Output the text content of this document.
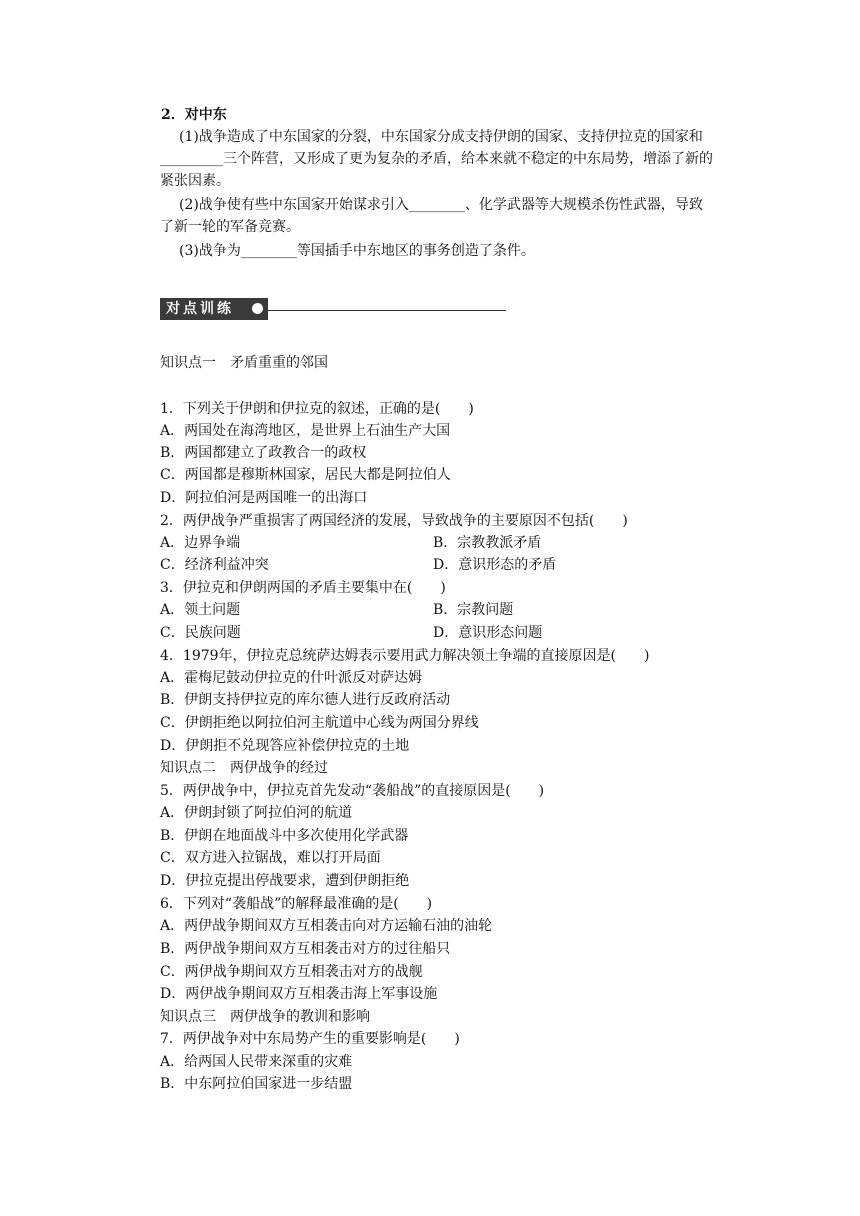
2．对中东
(1)战争造成了中东国家的分裂，中东国家分成支持伊朗的国家、支持伊拉克的国家和
_________三个阵营，又形成了更为复杂的矛盾，给本来就不稳定的中东局势，增添了新的
紧张因素。
(2)战争使有些中东国家开始谋求引入________、化学武器等大规模杀伤性武器，导致
了新一轮的军备竞赛。
(3)战争为________等国插手中东地区的事务创造了条件。
对点训练
知识点一　矛盾重重的邻国
1．下列关于伊朗和伊拉克的叙述，正确的是(　　)
A．两国处在海湾地区，是世界上石油生产大国
B．两国都建立了政教合一的政权
C．两国都是穆斯林国家，居民大都是阿拉伯人
D．阿拉伯河是两国唯一的出海口
2．两伊战争严重损害了两国经济的发展，导致战争的主要原因不包括(　　)
A．边界争端	B．宗教教派矛盾
C．经济利益冲突	D．意识形态的矛盾
3．伊拉克和伊朗两国的矛盾主要集中在(　　)
A．领土问题	B．宗教问题
C．民族问题	D．意识形态问题
4．1979年，伊拉克总统萨达姆表示要用武力解决领土争端的直接原因是(　　)
A．霍梅尼鼓动伊拉克的什叶派反对萨达姆
B．伊朗支持伊拉克的库尔德人进行反政府活动
C．伊朗拒绝以阿拉伯河主航道中心线为两国分界线
D．伊朗拒不兑现答应补偿伊拉克的土地
知识点二　两伊战争的经过
5．两伊战争中，伊拉克首先发动“袭船战”的直接原因是(　　)
A．伊朗封锁了阿拉伯河的航道
B．伊朗在地面战斗中多次使用化学武器
C．双方进入拉锯战，难以打开局面
D．伊拉克提出停战要求，遭到伊朗拒绝
6．下列对“袭船战”的解释最准确的是(　　)
A．两伊战争期间双方互相袭击向对方运输石油的油轮
B．两伊战争期间双方互相袭击对方的过往船只
C．两伊战争期间双方互相袭击对方的战舰
D．两伊战争期间双方互相袭击海上军事设施
知识点三　两伊战争的教训和影响
7．两伊战争对中东局势产生的重要影响是(　　)
A．给两国人民带来深重的灾难
B．中东阿拉伯国家进一步结盟
